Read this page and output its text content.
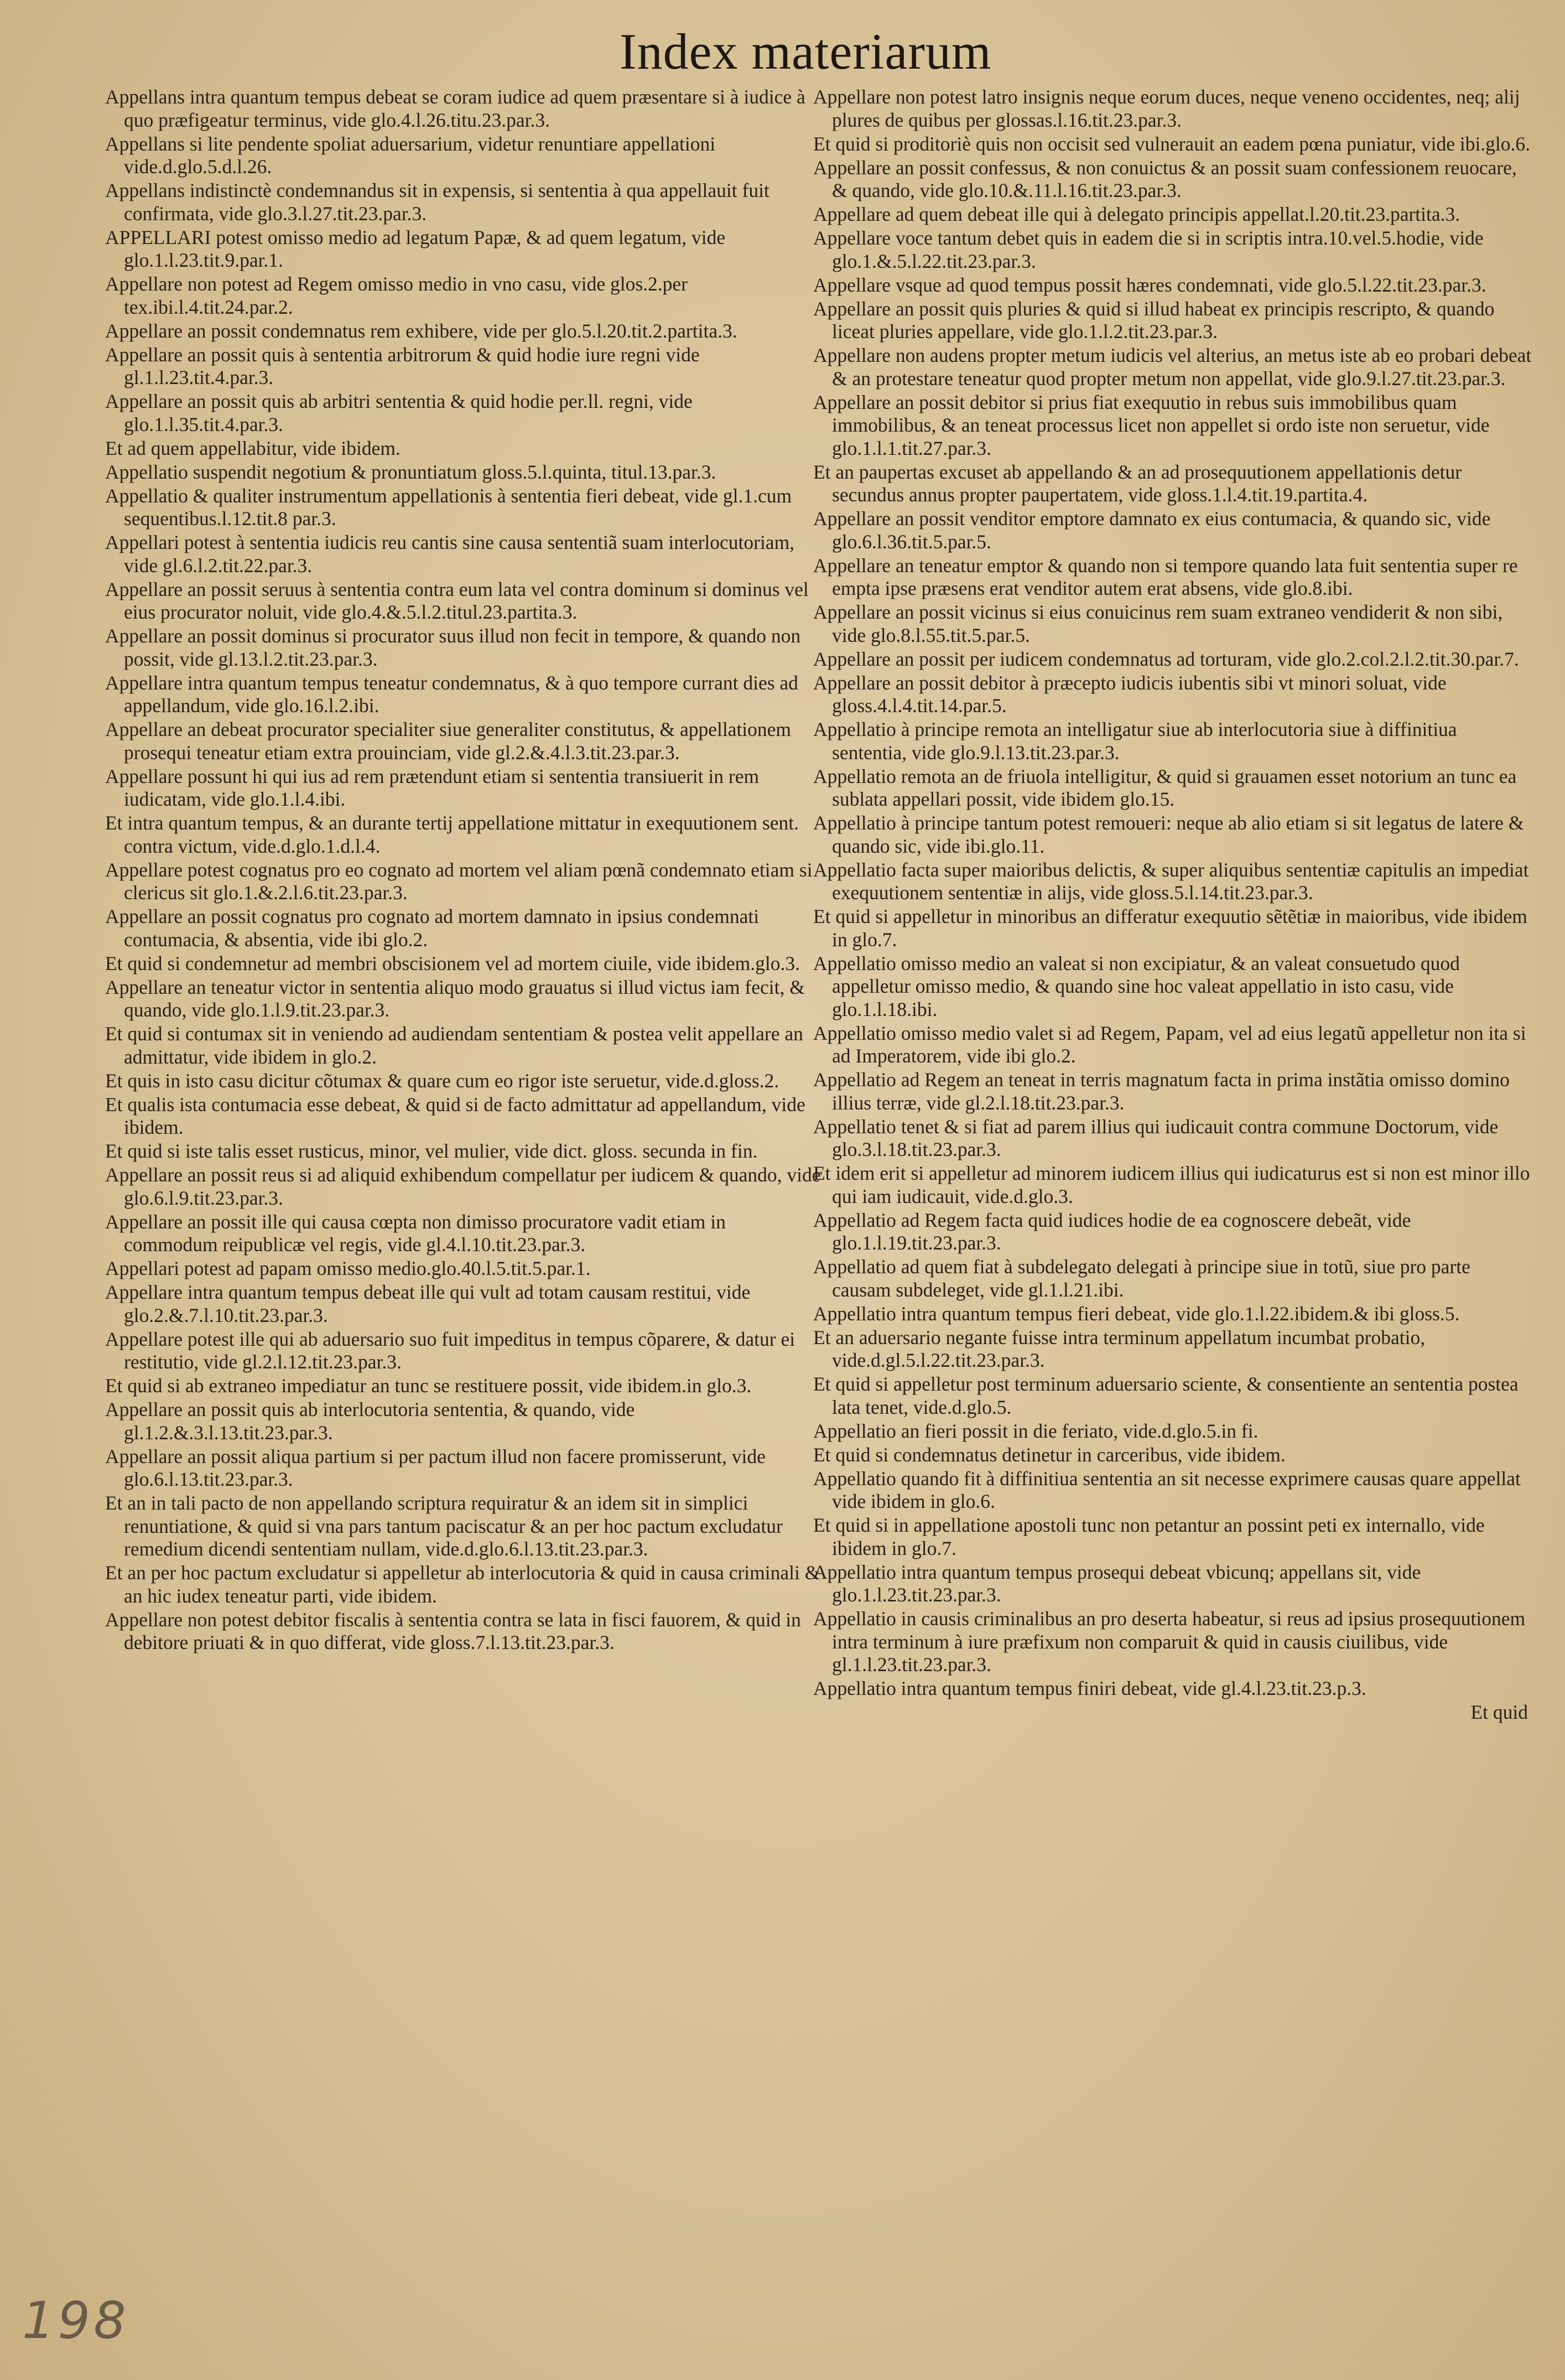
Index materiarum

Appellans intra quantum tempus debeat se coram iudice ad quem præsentare si à iudice à quo præfigeatur terminus, vide glo.4.l.26.titu.23.par.3.

Appellans si lite pendente spoliat aduersarium, videtur renuntiare appellationi vide.d.glo.5.d.l.26.

Appellans indistinctè condemnandus sit in expensis, si sententia à qua appellauit fuit confirmata, vide glo.3.l.27.tit.23.par.3.

APPELLARI potest omisso medio ad legatum Papæ, & ad quem legatum, vide glo.1.l.23.tit.9.par.1.

Appellare non potest ad Regem omisso medio in vno casu, vide glos.2.per tex.ibi.l.4.tit.24.par.2.

Appellare an possit condemnatus rem exhibere, vide per glo.5.l.20.tit.2.partita.3.

Appellare an possit quis à sententia arbitrorum & quid hodie iure regni vide gl.1.l.23.tit.4.par.3.

Appellare an possit quis ab arbitri sententia & quid hodie per.ll. regni, vide glo.1.l.35.tit.4.par.3.

Et ad quem appellabitur, vide ibidem.

Appellatio suspendit negotium & pronuntiatum gloss.5.l.quinta, titul.13.par.3.

Appellatio & qualiter instrumentum appellationis à sententia fieri debeat, vide gl.1.cum sequentibus.l.12.tit.8 par.3.

Appellari potest à sententia iudicis reu cantis sine causa sententiã suam interlocutoriam, vide gl.6.l.2.tit.22.par.3.

Appellare an possit seruus à sententia contra eum lata vel contra dominum si dominus vel eius procurator noluit, vide glo.4.&.5.l.2.titul.23.partita.3.

Appellare an possit dominus si procurator suus illud non fecit in tempore, & quando non possit, vide gl.13.l.2.tit.23.par.3.

Appellare intra quantum tempus teneatur condemnatus, & à quo tempore currant dies ad appellandum, vide glo.16.l.2.ibi.

Appellare an debeat procurator specialiter siue generaliter constitutus, & appellationem prosequi teneatur etiam extra prouinciam, vide gl.2.&.4.l.3.tit.23.par.3.

Appellare possunt hi qui ius ad rem prætendunt etiam si sententia transiuerit in rem iudicatam, vide glo.1.l.4.ibi.

Et intra quantum tempus, & an durante tertij appellatione mittatur in exequutionem sent. contra victum, vide.d.glo.1.d.l.4.

Appellare potest cognatus pro eo cognato ad mortem vel aliam pœnã condemnato etiam si clericus sit glo.1.&.2.l.6.tit.23.par.3.

Appellare an possit cognatus pro cognato ad mortem damnato in ipsius condemnati contumacia, & absentia, vide ibi glo.2.

Et quid si condemnetur ad membri obscisionem vel ad mortem ciuile, vide ibidem.glo.3.

Appellare an teneatur victor in sententia aliquo modo grauatus si illud victus iam fecit, & quando, vide glo.1.l.9.tit.23.par.3.

Et quid si contumax sit in veniendo ad audiendam sententiam & postea velit appellare an admittatur, vide ibidem in glo.2.

Et quis in isto casu dicitur cõtumax & quare cum eo rigor iste seruetur, vide.d.gloss.2.

Et qualis ista contumacia esse debeat, & quid si de facto admittatur ad appellandum, vide ibidem.

Et quid si iste talis esset rusticus, minor, vel mulier, vide dict. gloss. secunda in fin.

Appellare an possit reus si ad aliquid exhibendum compellatur per iudicem & quando, vide glo.6.l.9.tit.23.par.3.

Appellare an possit ille qui causa cœpta non dimisso procuratore vadit etiam in commodum reipublicæ vel regis, vide gl.4.l.10.tit.23.par.3.

Appellari potest ad papam omisso medio.glo.40.l.5.tit.5.par.1.

Appellare intra quantum tempus debeat ille qui vult ad totam causam restitui, vide glo.2.&.7.l.10.tit.23.par.3.

Appellare potest ille qui ab aduersario suo fuit impeditus in tempus cõparere, & datur ei restitutio, vide gl.2.l.12.tit.23.par.3.

Et quid si ab extraneo impediatur an tunc se restituere possit, vide ibidem.in glo.3.

Appellare an possit quis ab interlocutoria sententia, & quando, vide gl.1.2.&.3.l.13.tit.23.par.3.

Appellare an possit aliqua partium si per pactum illud non facere promisserunt, vide glo.6.l.13.tit.23.par.3.

Et an in tali pacto de non appellando scriptura requiratur & an idem sit in simplici renuntiatione, & quid si vna pars tantum paciscatur & an per hoc pactum excludatur remedium dicendi sententiam nullam, vide.d.glo.6.l.13.tit.23.par.3.

Et an per hoc pactum excludatur si appelletur ab interlocutoria & quid in causa criminali & an hic iudex teneatur parti, vide ibidem.

Appellare non potest debitor fiscalis à sententia contra se lata in fisci fauorem, & quid in debitore priuati & in quo differat, vide gloss.7.l.13.tit.23.par.3.

Appellare non potest latro insignis neque eorum duces, neque veneno occidentes, neq; alij plures de quibus per glossas.l.16.tit.23.par.3.

Et quid si proditoriè quis non occisit sed vulnerauit an eadem pœna puniatur, vide ibi.glo.6.

Appellare an possit confessus, & non conuictus & an possit suam confessionem reuocare, & quando, vide glo.10.&.11.l.16.tit.23.par.3.

Appellare ad quem debeat ille qui à delegato principis appellat.l.20.tit.23.partita.3.

Appellare voce tantum debet quis in eadem die si in scriptis intra.10.vel.5.hodie, vide glo.1.&.5.l.22.tit.23.par.3.

Appellare vsque ad quod tempus possit hæres condemnati, vide glo.5.l.22.tit.23.par.3.

Appellare an possit quis pluries & quid si illud habeat ex principis rescripto, & quando liceat pluries appellare, vide glo.1.l.2.tit.23.par.3.

Appellare non audens propter metum iudicis vel alterius, an metus iste ab eo probari debeat & an protestare teneatur quod propter metum non appellat, vide glo.9.l.27.tit.23.par.3.

Appellare an possit debitor si prius fiat exequutio in rebus suis immobilibus quam immobilibus, & an teneat processus licet non appellet si ordo iste non seruetur, vide glo.1.l.1.tit.27.par.3.

Et an paupertas excuset ab appellando & an ad prosequutionem appellationis detur secundus annus propter paupertatem, vide gloss.1.l.4.tit.19.partita.4.

Appellare an possit venditor emptore damnato ex eius contumacia, & quando sic, vide glo.6.l.36.tit.5.par.5.

Appellare an teneatur emptor & quando non si tempore quando lata fuit sententia super re empta ipse præsens erat venditor autem erat absens, vide glo.8.ibi.

Appellare an possit vicinus si eius conuicinus rem suam extraneo vendiderit & non sibi, vide glo.8.l.55.tit.5.par.5.

Appellare an possit per iudicem condemnatus ad torturam, vide glo.2.col.2.l.2.tit.30.par.7.

Appellare an possit debitor à præcepto iudicis iubentis sibi vt minori soluat, vide gloss.4.l.4.tit.14.par.5.

Appellatio à principe remota an intelligatur siue ab interlocutoria siue à diffinitiua sententia, vide glo.9.l.13.tit.23.par.3.

Appellatio remota an de friuola intelligitur, & quid si grauamen esset notorium an tunc ea sublata appellari possit, vide ibidem glo.15.

Appellatio à principe tantum potest remoueri: neque ab alio etiam si sit legatus de latere & quando sic, vide ibi.glo.11.

Appellatio facta super maioribus delictis, & super aliquibus sententiæ capitulis an impediat exequutionem sententiæ in alijs, vide gloss.5.l.14.tit.23.par.3.

Et quid si appelletur in minoribus an differatur exequutio sẽtẽtiæ in maioribus, vide ibidem in glo.7.

Appellatio omisso medio an valeat si non excipiatur, & an valeat consuetudo quod appelletur omisso medio, & quando sine hoc valeat appellatio in isto casu, vide glo.1.l.18.ibi.

Appellatio omisso medio valet si ad Regem, Papam, vel ad eius legatũ appelletur non ita si ad Imperatorem, vide ibi glo.2.

Appellatio ad Regem an teneat in terris magnatum facta in prima instãtia omisso domino illius terræ, vide gl.2.l.18.tit.23.par.3.

Appellatio tenet & si fiat ad parem illius qui iudicauit contra commune Doctorum, vide glo.3.l.18.tit.23.par.3.

Et idem erit si appelletur ad minorem iudicem illius qui iudicaturus est si non est minor illo qui iam iudicauit, vide.d.glo.3.

Appellatio ad Regem facta quid iudices hodie de ea cognoscere debeãt, vide glo.1.l.19.tit.23.par.3.

Appellatio ad quem fiat à subdelegato delegati à principe siue in totũ, siue pro parte causam subdeleget, vide gl.1.l.21.ibi.

Appellatio intra quantum tempus fieri debeat, vide glo.1.l.22.ibidem.& ibi gloss.5.

Et an aduersario negante fuisse intra terminum appellatum incumbat probatio, vide.d.gl.5.l.22.tit.23.par.3.

Et quid si appelletur post terminum aduersario sciente, & consentiente an sententia postea lata tenet, vide.d.glo.5.

Appellatio an fieri possit in die feriato, vide.d.glo.5.in fi.

Et quid si condemnatus detinetur in carceribus, vide ibidem.

Appellatio quando fit à diffinitiua sententia an sit necesse exprimere causas quare appellat vide ibidem in glo.6.

Et quid si in appellatione apostoli tunc non petantur an possint peti ex internallo, vide ibidem in glo.7.

Appellatio intra quantum tempus prosequi debeat vbicunq; appellans sit, vide glo.1.l.23.tit.23.par.3.

Appellatio in causis criminalibus an pro deserta habeatur, si reus ad ipsius prosequutionem intra terminum à iure præfixum non comparuit & quid in causis ciuilibus, vide gl.1.l.23.tit.23.par.3.

Appellatio intra quantum tempus finiri debeat, vide gl.4.l.23.tit.23.p.3.

Et quid

198
